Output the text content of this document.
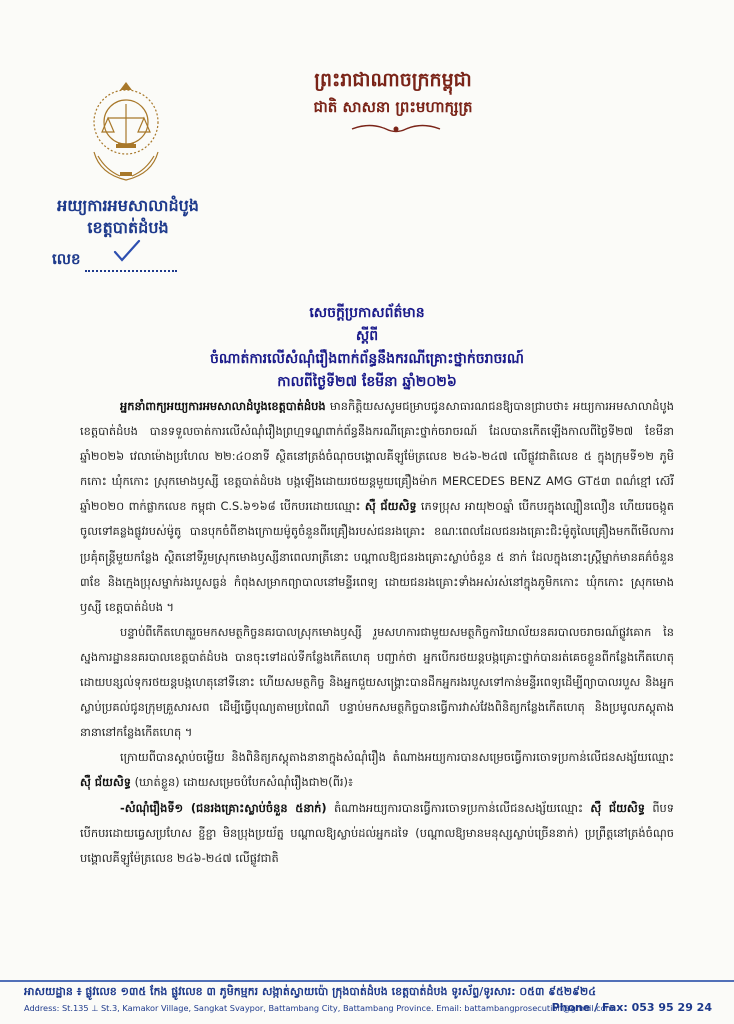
អយ្យការអមសាលាដំបូង
ខេត្តបាត់ដំបង
លេខ
ព្រះរាជាណាចក្រកម្ពុជា
ជាតិ សាសនា ព្រះមហាក្សត្រ
សេចក្តីប្រកាសព័ត៌មាន
ស្តីពី
ចំណាត់ការលើសំណុំរឿងពាក់ព័ន្ធនឹងករណីគ្រោះថ្នាក់ចរាចរណ៍
កាលពីថ្ងៃទី២៧ ខែមីនា ឆ្នាំ២០២៦

អ្នកនាំពាក្យអយ្យការអមសាលាដំបូងខេត្តបាត់ដំបង មានកិត្តិយសសូមជម្រាបជូនសាធារណជនឱ្យបានជ្រាបថា៖ អយ្យការអមសាលាដំបូងខេត្តបាត់ដំបង បានទទួលចាត់ការលើសំណុំរឿងព្រហ្មទណ្ឌពាក់ព័ន្ធនឹងករណីគ្រោះថ្នាក់ចរាចរណ៍ ដែលបានកើតឡើងកាលពីថ្ងៃទី២៧ ខែមីនា ឆ្នាំ២០២៦ វេលាម៉ោងប្រហែល ២២:៤០នាទី ស្ថិតនៅត្រង់ចំណុចបង្គោលគីឡូម៉ែត្រលេខ ២៤៦-២៤៧ លើផ្លូវជាតិលេខ ៥ ក្នុងក្រុមទី១២ ភូមិកកោះ ឃុំកកោះ ស្រុកមោងឫស្សី ខេត្តបាត់ដំបង បង្កឡើងដោយរថយន្តមួយគ្រឿងម៉ាក MERCEDES BENZ AMG GT៥៣ ពណ៌ខ្មៅ ស៊េរីឆ្នាំ២០២០ ពាក់ផ្លាកលេខ កម្ពុជា C.S.៦១៦៨ បើកបរដោយឈ្មោះ ស៊ឺ ជ័យសិទ្ធ ភេទប្រុស អាយុ២០ឆ្នាំ បើកបរក្នុងល្បឿនលឿន ហើយរេចង្កូតចូលទៅគន្លងផ្លូវរបស់ម៉ូតូ បានបុកចំពីខាងក្រោយម៉ូតូចំនួនពីរគ្រឿងរបស់ជនរងគ្រោះ ខណៈពេលដែលជនរងគ្រោះជិះម៉ូតូលៃគ្រឿងមកពីមើលការប្រគុំតន្ត្រីមួយកន្លែង ស្ថិតនៅទីរួមស្រុកមោងឫស្សីនាពេលរាត្រីនោះ បណ្តាលឱ្យជនរងគ្រោះស្លាប់ចំនួន ៥ នាក់ ដែលក្នុងនោះស្ត្រីម្នាក់មានគភ៌ចំនួន ៣ខែ និងក្មេងប្រុសម្នាក់រងរបួសធ្ងន់ កំពុងសម្រាកព្យាបាលនៅមន្ទីរពេទ្យ ដោយជនរងគ្រោះទាំងអស់រស់នៅក្នុងភូមិកកោះ ឃុំកកោះ ស្រុកមោងឫស្សី ខេត្តបាត់ដំបង ។

បន្ទាប់ពីកើតហេតុរួចមកសមត្ថកិច្ចនគរបាលស្រុកមោងឫស្សី រួមសហការជាមួយសមត្ថកិច្ចការិយាល័យនគរបាលចរាចរណ៍ផ្លូវគោក នៃស្នងការដ្ឋាននគរបាលខេត្តបាត់ដំបង បានចុះទៅដល់ទីកន្លែងកើតហេតុ បញ្ជាក់ថា អ្នកបើករថយន្តបង្កគ្រោះថ្នាក់បានរត់គេចខ្លួនពីកន្លែងកើតហេតុ ដោយបន្សល់ទុករថយន្តបង្កហេតុនៅទីនោះ ហើយសមត្ថកិច្ច និងអ្នកជួយសង្គ្រោះបានដឹកអ្នករងរបួសទៅកាន់មន្ទីរពេទ្យដើម្បីព្យាបាលរបួស និងអ្នកស្លាប់ប្រគល់ជូនក្រុមគ្រួសារសព ដើម្បីធ្វើបុណ្យតាមប្រពៃណី បន្ទាប់មកសមត្ថកិច្ចបានធ្វើការវាស់វែងពិនិត្យកន្លែងកើតហេតុ និងប្រមូលភស្តុតាងនានានៅកន្លែងកើតហេតុ ។

ក្រោយពីបានស្តាប់ចម្លើយ និងពិនិត្យភស្តុតាងនានាក្នុងសំណុំរឿង តំណាងអយ្យការបានសម្រេចធ្វើការចោទប្រកាន់លើជនសង្ស័យឈ្មោះ ស៊ឺ ជ័យសិទ្ធ (ឃាត់ខ្លួន) ដោយសម្រេចបំបែកសំណុំរឿងជា២(ពីរ)៖

-សំណុំរឿងទី១ (ជនរងគ្រោះស្លាប់ចំនួន ៥នាក់) តំណាងអយ្យការបានធ្វើការចោទប្រកាន់លើជនសង្ស័យឈ្មោះ ស៊ឺ ជ័យសិទ្ធ ពីបទ បើកបរដោយធ្វេសប្រហែស ខ្ជីខ្ជា មិនប្រុងប្រយ័ត្ន បណ្តាលឱ្យស្លាប់ដល់អ្នកដទៃ (បណ្តាលឱ្យមានមនុស្សស្លាប់ច្រើននាក់) ប្រព្រឹត្តនៅត្រង់ចំណុចបង្គោលគីឡូម៉ែត្រលេខ ២៤៦-២៤៧ លើផ្លូវជាតិ

អាសយដ្ឋាន ៖ ផ្លូវលេខ ១៣៥ កែង ផ្លូវលេខ ៣ ភូមិកម្មករ សង្កាត់ស្វាយប៉ោ ក្រុងបាត់ដំបង ខេត្តបាត់ដំបង ទូរស័ព្ទ/ទូរសារ: ០៥៣ ៩៥២៩២៤
Address: St.135 ⊥ St.3, Kamakor Village, Sangkat Svaypor, Battambang City, Battambang Province. Email: battambangprosecution@gmail.com
Phone / Fax: 053 95 29 24
